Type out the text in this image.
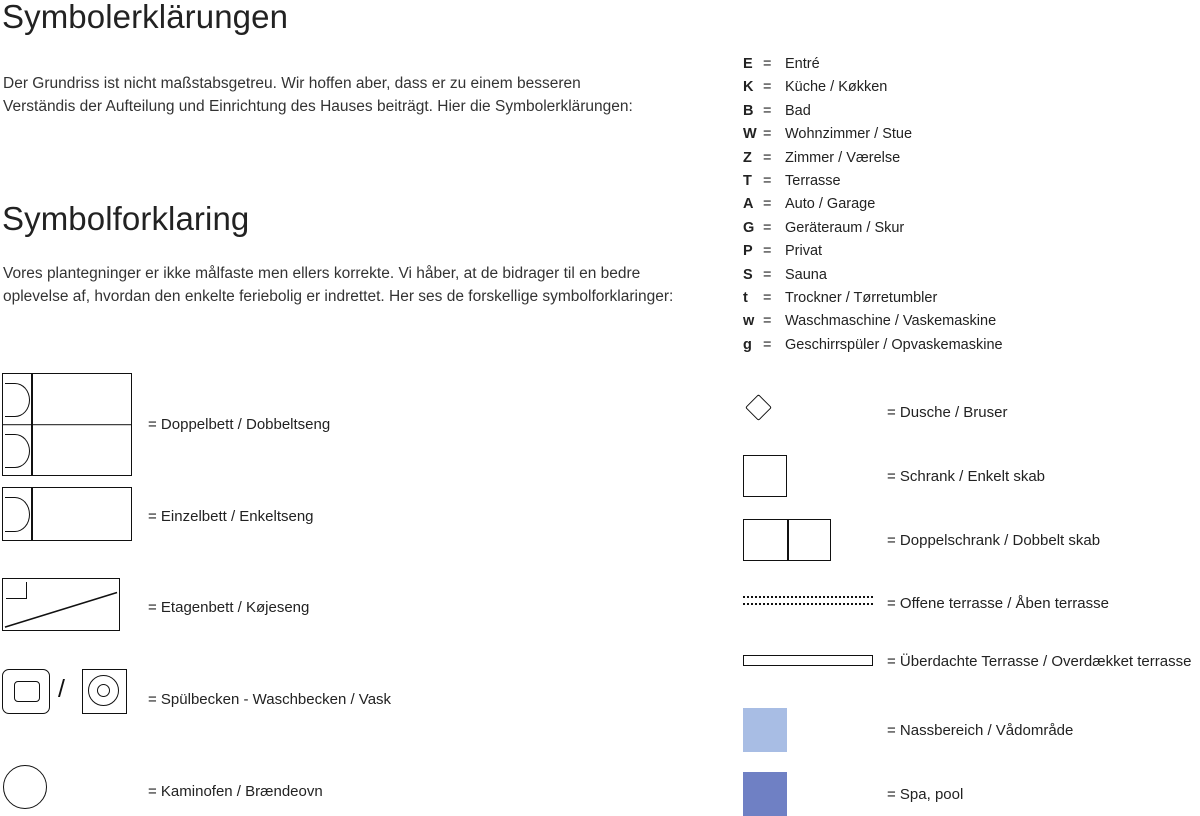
Symbolerklärungen

Der Grundriss ist nicht maßstabsgetreu. Wir hoffen aber, dass er zu einem besseren Verständis der Aufteilung und Einrichtung des Hauses beiträgt. Hier die Symbolerklärungen:

Symbolforklaring

Vores plantegninger er ikke målfaste men ellers korrekte. Vi håber, at de bidrager til en bedre oplevelse af, hvordan den enkelte feriebolig er indrettet. Her ses de forskellige symbolforklaringer:

= Doppelbett / Dobbeltseng
= Einzelbett / Enkeltseng
= Etagenbett / Køjeseng
/	= Spülbecken - Waschbecken / Vask
= Kaminofen / Brændeovn
E = Entré
K = Küche / Køkken
B = Bad
W = Wohnzimmer / Stue
Z = Zimmer / Værelse
T = Terrasse
A = Auto / Garage
G = Geräteraum / Skur
P = Privat
S = Sauna
t	= Trockner / Tørretumbler
w = Waschmaschine / Vaskemaskine
g = Geschirrspüler / Opvaskemaskine
= Dusche / Bruser
= Schrank / Enkelt skab
= Doppelschrank / Dobbelt skab
= Offene terrasse / Åben terrasse
= Überdachte Terrasse / Overdækket terrasse
= Nassbereich / Vådområde
= Spa, pool
